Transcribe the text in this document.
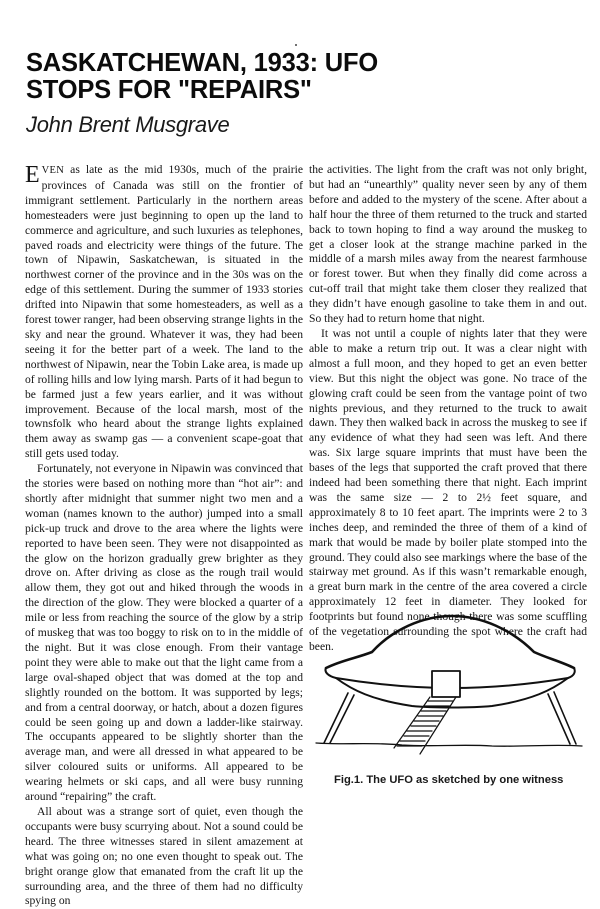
SASKATCHEWAN, 1933: UFO
STOPS FOR "REPAIRS"
John Brent Musgrave

EVEN as late as the mid 1930s, much of the prairie provinces of Canada was still on the frontier of immigrant settlement. Particularly in the northern areas homesteaders were just beginning to open up the land to commerce and agriculture, and such luxuries as telephones, paved roads and electricity were things of the future. The town of Nipawin, Saskatchewan, is situated in the northwest corner of the province and in the 30s was on the edge of this settlement. During the summer of 1933 stories drifted into Nipawin that some homesteaders, as well as a forest tower ranger, had been observing strange lights in the sky and near the ground. Whatever it was, they had been seeing it for the better part of a week. The land to the northwest of Nipawin, near the Tobin Lake area, is made up of rolling hills and low lying marsh. Parts of it had begun to be farmed just a few years earlier, and it was without improvement. Because of the local marsh, most of the townsfolk who heard about the strange lights explained them away as swamp gas — a convenient scape-goat that still gets used today.

Fortunately, not everyone in Nipawin was convinced that the stories were based on nothing more than “hot air”: and shortly after midnight that summer night two men and a woman (names known to the author) jumped into a small pick-up truck and drove to the area where the lights were reported to have been seen. They were not disappointed as the glow on the horizon gradually grew brighter as they drove on. After driving as close as the rough trail would allow them, they got out and hiked through the woods in the direction of the glow. They were blocked a quarter of a mile or less from reaching the source of the glow by a strip of muskeg that was too boggy to risk on to in the middle of the night. But it was close enough. From their vantage point they were able to make out that the light came from a large oval-shaped object that was domed at the top and slightly rounded on the bottom. It was supported by legs; and from a central doorway, or hatch, about a dozen figures could be seen going up and down a ladder-like stairway. The occupants appeared to be slightly shorter than the average man, and were all dressed in what appeared to be silver coloured suits or uniforms. All appeared to be wearing helmets or ski caps, and all were busy running around “repairing” the craft.

All about was a strange sort of quiet, even though the occupants were busy scurrying about. Not a sound could be heard. The three witnesses stared in silent amazement at what was going on; no one even thought to speak out. The bright orange glow that emanated from the craft lit up the surrounding area, and the three of them had no difficulty spying on

the activities. The light from the craft was not only bright, but had an “unearthly” quality never seen by any of them before and added to the mystery of the scene. After about a half hour the three of them returned to the truck and started back to town hoping to find a way around the muskeg to get a closer look at the strange machine parked in the middle of a marsh miles away from the nearest farmhouse or forest tower. But when they finally did come across a cut-off trail that might take them closer they realized that they didn’t have enough gasoline to take them in and out. So they had to return home that night.

It was not until a couple of nights later that they were able to make a return trip out. It was a clear night with almost a full moon, and they hoped to get an even better view. But this night the object was gone. No trace of the glowing craft could be seen from the vantage point of two nights previous, and they returned to the truck to await dawn. They then walked back in across the muskeg to see if any evidence of what they had seen was left. And there was. Six large square imprints that must have been the bases of the legs that supported the craft proved that there indeed had been something there that night. Each imprint was the same size — 2 to 2½ feet square, and approximately 8 to 10 feet apart. The imprints were 2 to 3 inches deep, and reminded the three of them of a kind of mark that would be made by boiler plate stomped into the ground. They could also see markings where the base of the stairway met ground. As if this wasn’t remarkable enough, a great burn mark in the centre of the area covered a circle approximately 12 feet in diameter. They looked for footprints but found none though there was some scuffling of the vegetation surrounding the spot where the craft had been.

Fig.1. The UFO as sketched by one witness
